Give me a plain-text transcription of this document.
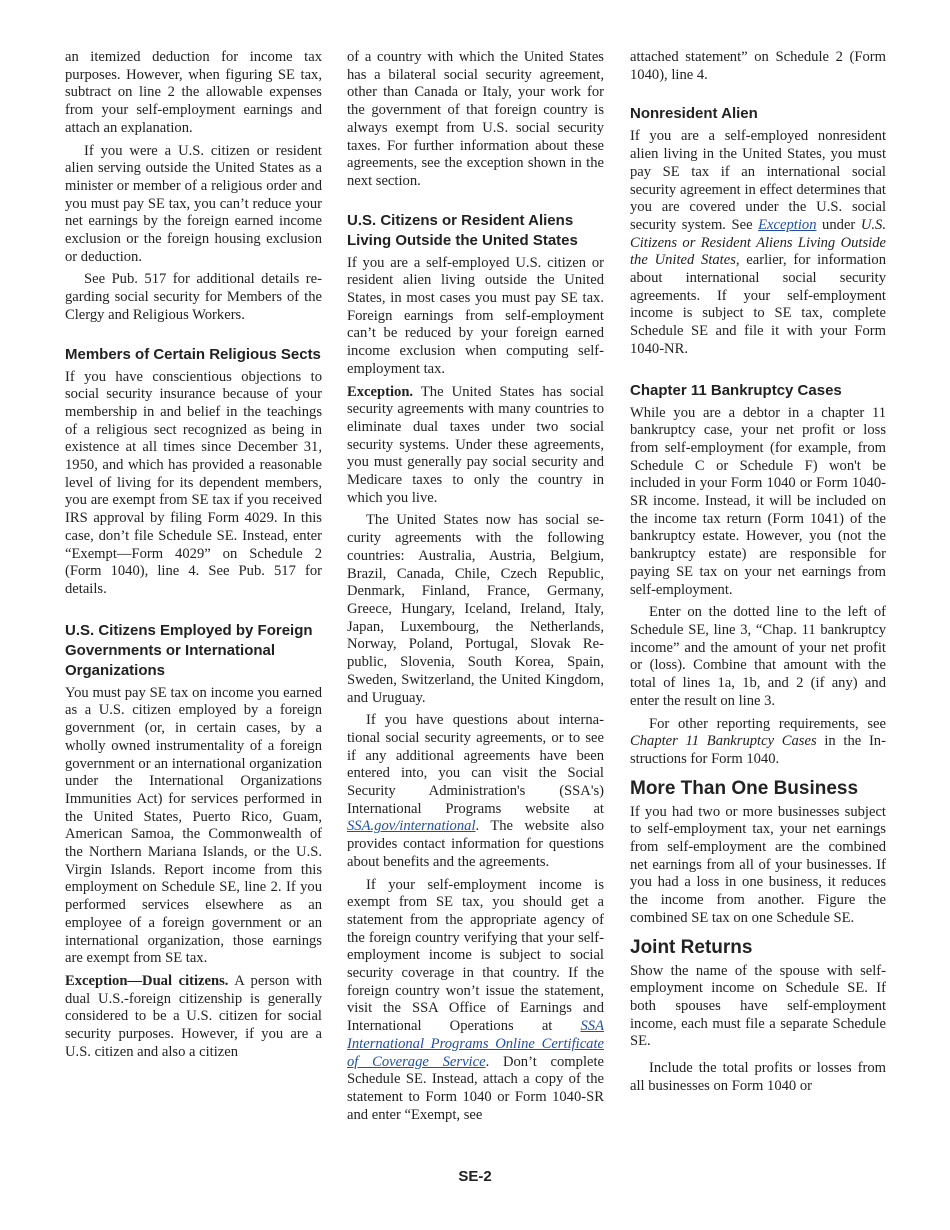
an itemized deduction for income tax purposes. However, when figuring SE tax, subtract on line 2 the allowable expenses from your self-employment earnings and attach an explanation.

If you were a U.S. citizen or resident alien serving outside the United States as a minister or member of a religious order and you must pay SE tax, you can’t reduce your net earnings by the foreign earned income exclusion or the foreign housing exclusion or deduction.

See Pub. 517 for additional details regarding social security for Members of the Clergy and Religious Workers.

Members of Certain Religious Sects

If you have conscientious objections to social security insurance because of your membership in and belief in the teachings of a religious sect recognized as being in existence at all times since December 31, 1950, and which has provided a reasonable level of living for its dependent members, you are exempt from SE tax if you received IRS approval by filing Form 4029. In this case, don’t file Schedule SE. Instead, enter “Exempt—Form 4029” on Schedule 2 (Form 1040), line 4. See Pub. 517 for details.

U.S. Citizens Employed by Foreign Governments or International Organizations

You must pay SE tax on income you earned as a U.S. citizen employed by a foreign government (or, in certain cases, by a wholly owned instrumentality of a foreign government or an international organization under the International Organizations Immunities Act) for services performed in the United States, Puerto Rico, Guam, American Samoa, the Commonwealth of the Northern Mariana Islands, or the U.S. Virgin Islands. Report income from this employment on Schedule SE, line 2. If you performed services elsewhere as an employee of a foreign government or an international organization, those earnings are exempt from SE tax.

Exception—Dual citizens. A person with dual U.S.-foreign citizenship is generally considered to be a U.S. citizen for social security purposes. However, if you are a U.S. citizen and also a citizen

of a country with which the United States has a bilateral social security agreement, other than Canada or Italy, your work for the government of that foreign country is always exempt from U.S. social security taxes. For further information about these agreements, see the exception shown in the next section.

U.S. Citizens or Resident Aliens Living Outside the United States

If you are a self-employed U.S. citizen or resident alien living outside the United States, in most cases you must pay SE tax. Foreign earnings from self-employment can’t be reduced by your foreign earned income exclusion when computing self-employment tax.

Exception. The United States has social security agreements with many countries to eliminate dual taxes under two social security systems. Under these agreements, you must generally pay social security and Medicare taxes to only the country in which you live.

The United States now has social security agreements with the following countries: Australia, Austria, Belgium, Brazil, Canada, Chile, Czech Republic, Denmark, Finland, France, Germany, Greece, Hungary, Iceland, Ireland, Italy, Japan, Luxembourg, the Netherlands, Norway, Poland, Portugal, Slovak Republic, Slovenia, South Korea, Spain, Sweden, Switzerland, the United Kingdom, and Uruguay.

If you have questions about international social security agreements, or to see if any additional agreements have been entered into, you can visit the Social Security Administration's (SSA's) International Programs website at SSA.gov/international. The website also provides contact information for questions about benefits and the agreements.

If your self-employment income is exempt from SE tax, you should get a statement from the appropriate agency of the foreign country verifying that your self-employment income is subject to social security coverage in that country. If the foreign country won’t issue the statement, visit the SSA Office of Earnings and International Operations at SSA International Programs Online Certificate of Coverage Service. Don’t complete Schedule SE. Instead, attach a copy of the statement to Form 1040 or Form 1040-SR and enter “Exempt, see

attached statement” on Schedule 2 (Form 1040), line 4.

Nonresident Alien

If you are a self-employed nonresident alien living in the United States, you must pay SE tax if an international social security agreement in effect determines that you are covered under the U.S. social security system. See Exception under U.S. Citizens or Resident Aliens Living Outside the United States, earlier, for information about international social security agreements. If your self-employment income is subject to SE tax, complete Schedule SE and file it with your Form 1040-NR.

Chapter 11 Bankruptcy Cases

While you are a debtor in a chapter 11 bankruptcy case, your net profit or loss from self-employment (for example, from Schedule C or Schedule F) won't be included in your Form 1040 or Form 1040-SR income. Instead, it will be included on the income tax return (Form 1041) of the bankruptcy estate. However, you (not the bankruptcy estate) are responsible for paying SE tax on your net earnings from self-employment.

Enter on the dotted line to the left of Schedule SE, line 3, “Chap. 11 bankruptcy income” and the amount of your net profit or (loss). Combine that amount with the total of lines 1a, 1b, and 2 (if any) and enter the result on line 3.

For other reporting requirements, see Chapter 11 Bankruptcy Cases in the Instructions for Form 1040.

More Than One Business

If you had two or more businesses subject to self-employment tax, your net earnings from self-employment are the combined net earnings from all of your businesses. If you had a loss in one business, it reduces the income from another. Figure the combined SE tax on one Schedule SE.

Joint Returns

Show the name of the spouse with self-employment income on Schedule SE. If both spouses have self-employment income, each must file a separate Schedule SE.

Include the total profits or losses from all businesses on Form 1040 or

SE-2
